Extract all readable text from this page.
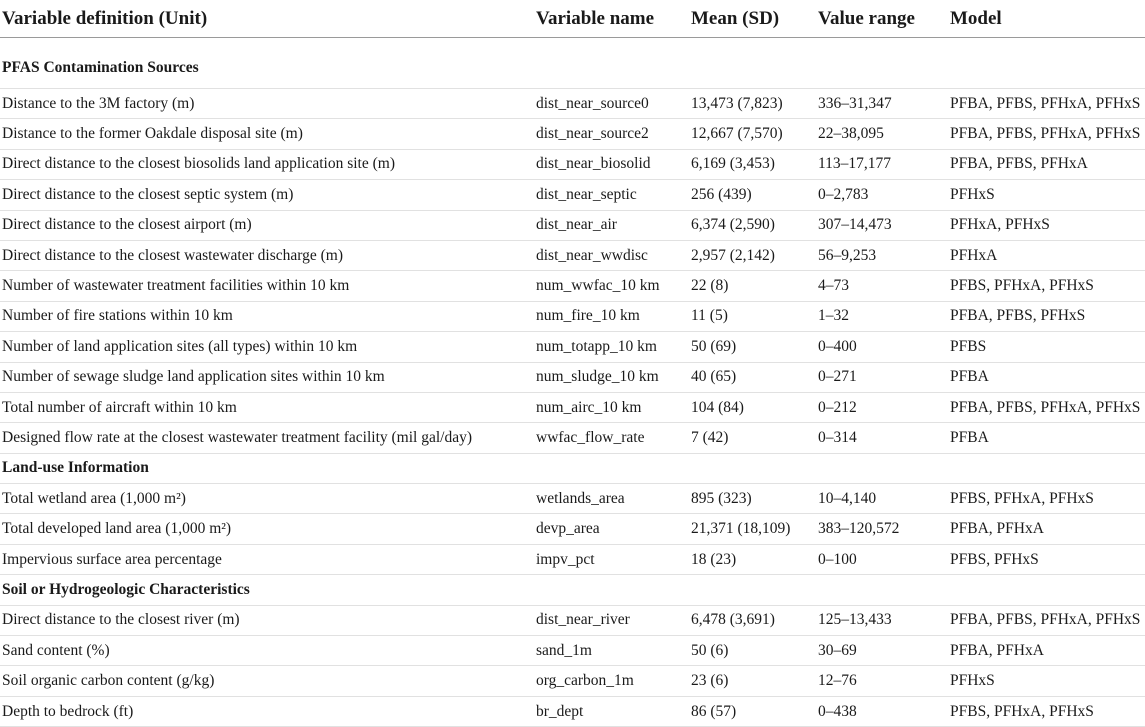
Variable definition (Unit)	Variable name	Mean (SD)	Value range	Model
PFAS Contamination Sources				
Distance to the 3M factory (m)	dist_near_source0	13,473 (7,823)	336–31,347	PFBA, PFBS, PFHxA, PFHxS
Distance to the former Oakdale disposal site (m)	dist_near_source2	12,667 (7,570)	22–38,095	PFBA, PFBS, PFHxA, PFHxS
Direct distance to the closest biosolids land application site (m)	dist_near_biosolid	6,169 (3,453)	113–17,177	PFBA, PFBS, PFHxA
Direct distance to the closest septic system (m)	dist_near_septic	256 (439)	0–2,783	PFHxS
Direct distance to the closest airport (m)	dist_near_air	6,374 (2,590)	307–14,473	PFHxA, PFHxS
Direct distance to the closest wastewater discharge (m)	dist_near_wwdisc	2,957 (2,142)	56–9,253	PFHxA
Number of wastewater treatment facilities within 10 km	num_wwfac_10 km	22 (8)	4–73	PFBS, PFHxA, PFHxS
Number of fire stations within 10 km	num_fire_10 km	11 (5)	1–32	PFBA, PFBS, PFHxS
Number of land application sites (all types) within 10 km	num_totapp_10 km	50 (69)	0–400	PFBS
Number of sewage sludge land application sites within 10 km	num_sludge_10 km	40 (65)	0–271	PFBA
Total number of aircraft within 10 km	num_airc_10 km	104 (84)	0–212	PFBA, PFBS, PFHxA, PFHxS
Designed flow rate at the closest wastewater treatment facility (mil gal/day)	wwfac_flow_rate	7 (42)	0–314	PFBA
Land-use Information				
Total wetland area (1,000 m²)	wetlands_area	895 (323)	10–4,140	PFBS, PFHxA, PFHxS
Total developed land area (1,000 m²)	devp_area	21,371 (18,109)	383–120,572	PFBA, PFHxA
Impervious surface area percentage	impv_pct	18 (23)	0–100	PFBS, PFHxS
Soil or Hydrogeologic Characteristics				
Direct distance to the closest river (m)	dist_near_river	6,478 (3,691)	125–13,433	PFBA, PFBS, PFHxA, PFHxS
Sand content (%)	sand_1m	50 (6)	30–69	PFBA, PFHxA
Soil organic carbon content (g/kg)	org_carbon_1m	23 (6)	12–76	PFHxS
Depth to bedrock (ft)	br_dept	86 (57)	0–438	PFBS, PFHxA, PFHxS
